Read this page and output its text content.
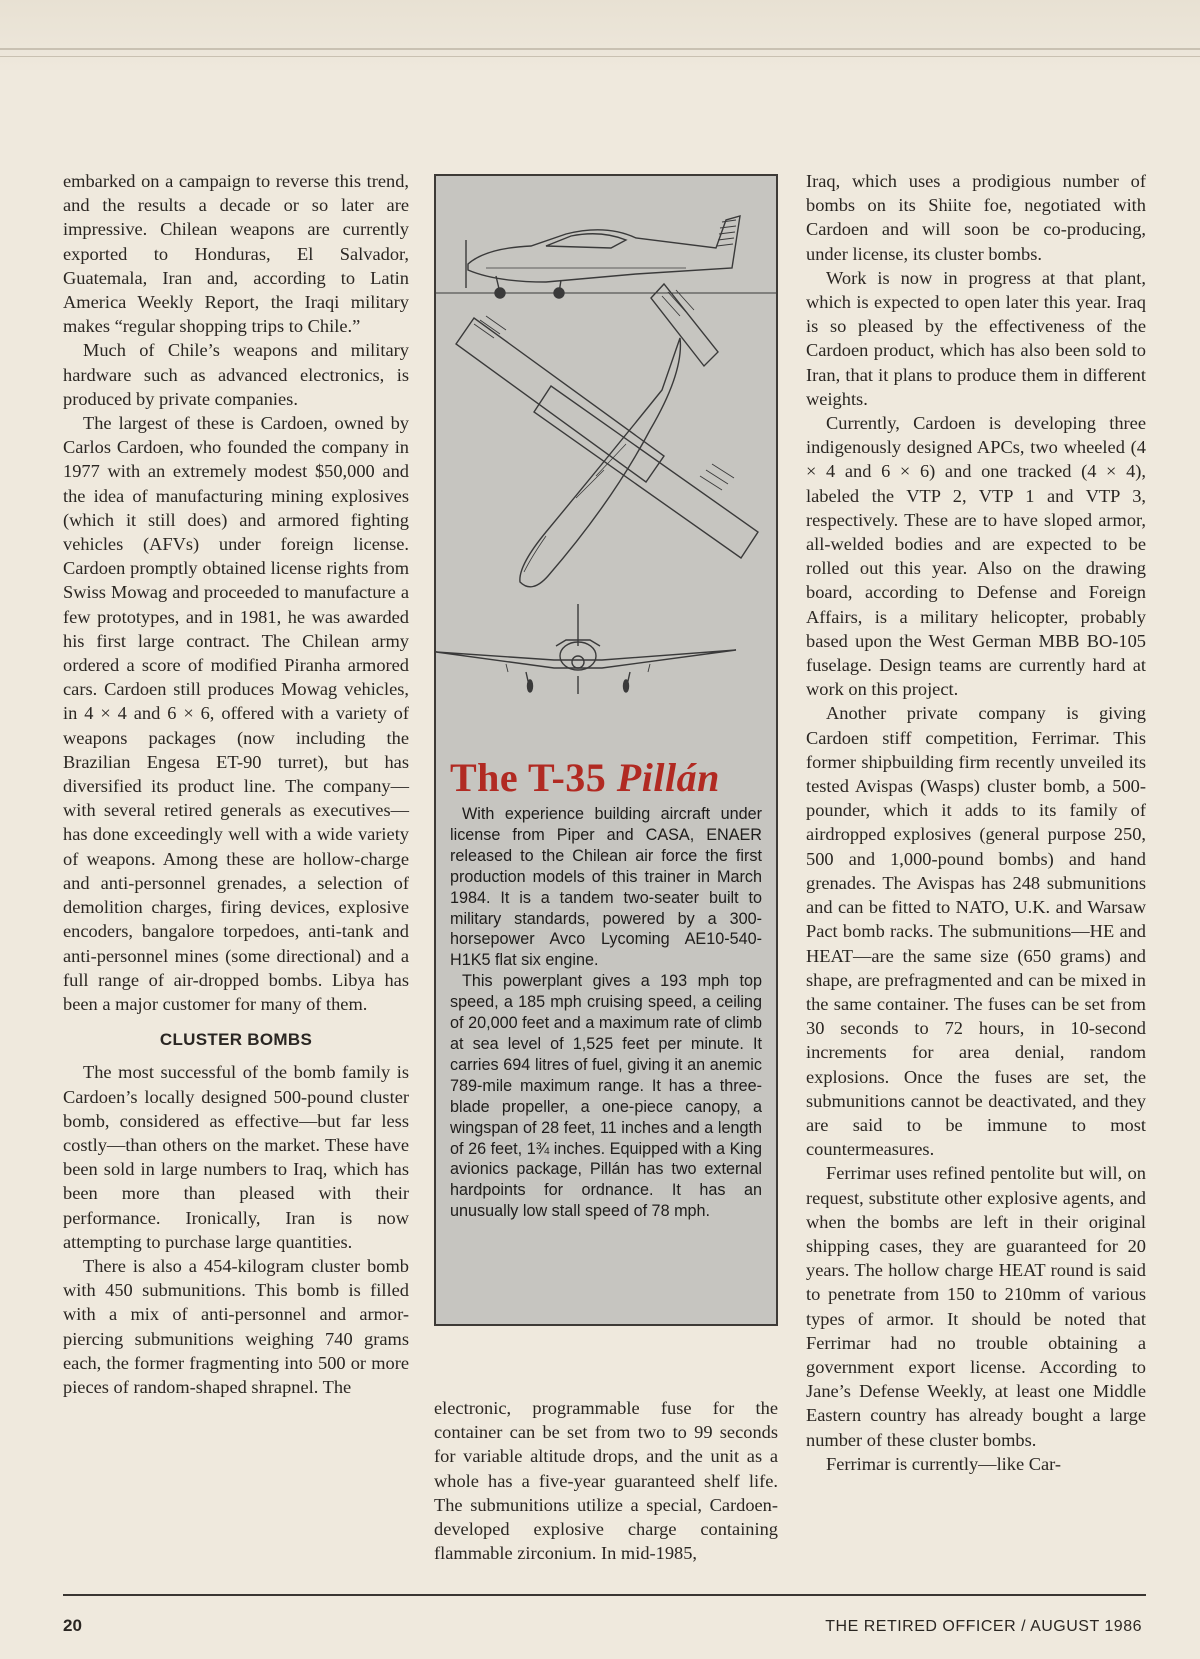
embarked on a campaign to reverse this trend, and the results a decade or so later are impressive. Chilean weapons are currently exported to Honduras, El Salvador, Guatemala, Iran and, according to Latin America Weekly Report, the Iraqi military makes “regular shopping trips to Chile.”

Much of Chile’s weapons and military hardware such as advanced electronics, is produced by private companies.

The largest of these is Cardoen, owned by Carlos Cardoen, who founded the company in 1977 with an extremely modest $50,000 and the idea of manufacturing mining explosives (which it still does) and armored fighting vehicles (AFVs) under foreign license. Cardoen promptly obtained license rights from Swiss Mowag and proceeded to manufacture a few prototypes, and in 1981, he was awarded his first large contract. The Chilean army ordered a score of modified Piranha armored cars. Cardoen still produces Mowag vehicles, in 4 × 4 and 6 × 6, offered with a variety of weapons packages (now including the Brazilian Engesa ET-90 turret), but has diversified its product line. The company—with several retired generals as executives—has done exceedingly well with a wide variety of weapons. Among these are hollow-charge and anti-personnel grenades, a selection of demolition charges, firing devices, explosive encoders, bangalore torpedoes, anti-tank and anti-personnel mines (some directional) and a full range of air-dropped bombs. Libya has been a major customer for many of them.

CLUSTER BOMBS

The most successful of the bomb family is Cardoen’s locally designed 500-pound cluster bomb, considered as effective—but far less costly—than others on the market. These have been sold in large numbers to Iraq, which has been more than pleased with their performance. Ironically, Iran is now attempting to purchase large quantities.

There is also a 454-kilogram cluster bomb with 450 submunitions. This bomb is filled with a mix of anti-personnel and armor-piercing submunitions weighing 740 grams each, the former fragmenting into 500 or more pieces of random-shaped shrapnel. The

The T-35 Pillán

With experience building aircraft under license from Piper and CASA, ENAER released to the Chilean air force the first production models of this trainer in March 1984. It is a tandem two-seater built to military standards, powered by a 300-horsepower Avco Lycoming AE10-540-H1K5 flat six engine.

This powerplant gives a 193 mph top speed, a 185 mph cruising speed, a ceiling of 20,000 feet and a maximum rate of climb at sea level of 1,525 feet per minute. It carries 694 litres of fuel, giving it an anemic 789-mile maximum range. It has a three-blade propeller, a one-piece canopy, a wingspan of 28 feet, 11 inches and a length of 26 feet, 1¾ inches. Equipped with a King avionics package, Pillán has two external hardpoints for ordnance. It has an unusually low stall speed of 78 mph.

electronic, programmable fuse for the container can be set from two to 99 seconds for variable altitude drops, and the unit as a whole has a five-year guaranteed shelf life. The submunitions utilize a special, Cardoen-developed explosive charge containing flammable zirconium. In mid-1985,

Iraq, which uses a prodigious number of bombs on its Shiite foe, negotiated with Cardoen and will soon be co-producing, under license, its cluster bombs.

Work is now in progress at that plant, which is expected to open later this year. Iraq is so pleased by the effectiveness of the Cardoen product, which has also been sold to Iran, that it plans to produce them in different weights.

Currently, Cardoen is developing three indigenously designed APCs, two wheeled (4 × 4 and 6 × 6) and one tracked (4 × 4), labeled the VTP 2, VTP 1 and VTP 3, respectively. These are to have sloped armor, all-welded bodies and are expected to be rolled out this year. Also on the drawing board, according to Defense and Foreign Affairs, is a military helicopter, probably based upon the West German MBB BO-105 fuselage. Design teams are currently hard at work on this project.

Another private company is giving Cardoen stiff competition, Ferrimar. This former shipbuilding firm recently unveiled its tested Avispas (Wasps) cluster bomb, a 500-pounder, which it adds to its family of airdropped explosives (general purpose 250, 500 and 1,000-pound bombs) and hand grenades. The Avispas has 248 submunitions and can be fitted to NATO, U.K. and Warsaw Pact bomb racks. The submunitions—HE and HEAT—are the same size (650 grams) and shape, are prefragmented and can be mixed in the same container. The fuses can be set from 30 seconds to 72 hours, in 10-second increments for area denial, random explosions. Once the fuses are set, the submunitions cannot be deactivated, and they are said to be immune to most countermeasures.

Ferrimar uses refined pentolite but will, on request, substitute other explosive agents, and when the bombs are left in their original shipping cases, they are guaranteed for 20 years. The hollow charge HEAT round is said to penetrate from 150 to 210mm of various types of armor. It should be noted that Ferrimar had no trouble obtaining a government export license. According to Jane’s Defense Weekly, at least one Middle Eastern country has already bought a large number of these cluster bombs.

Ferrimar is currently—like Car-

20	THE RETIRED OFFICER / AUGUST 1986
